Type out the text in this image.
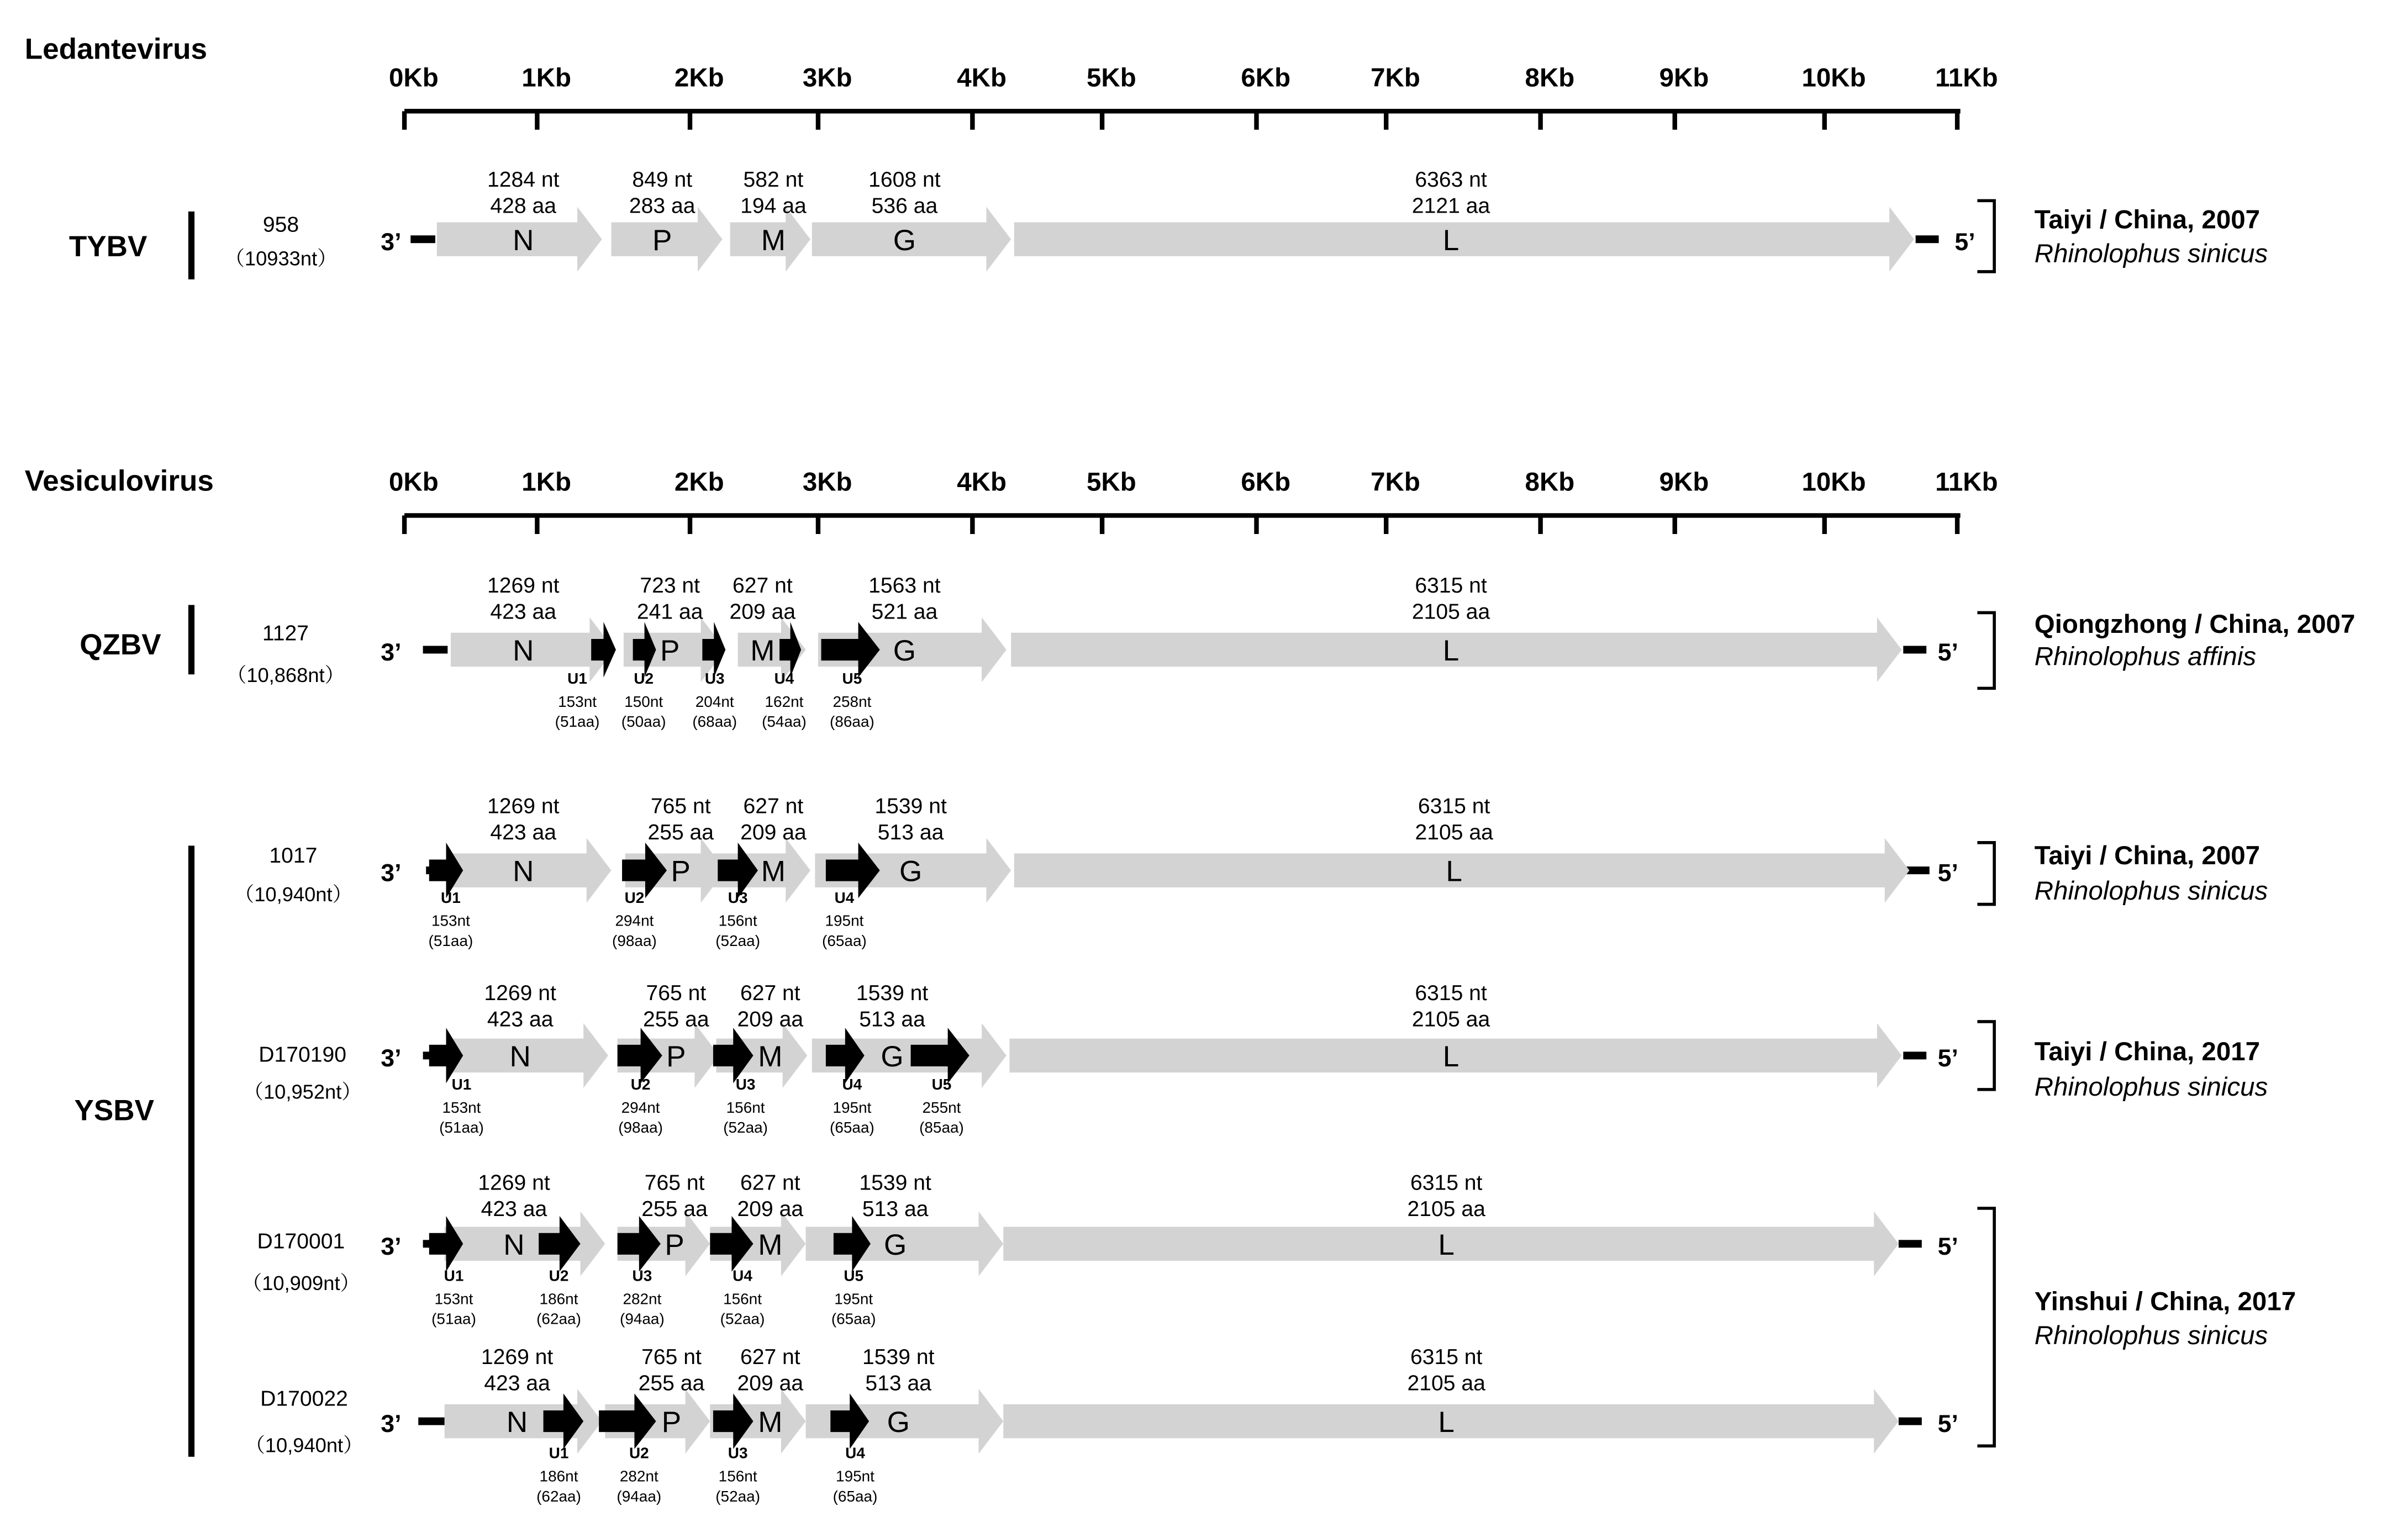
Ledantevirus
0Kb	1Kb	2Kb	3Kb	4Kb	5Kb	6Kb	7Kb	8Kb	9Kb	10Kb	11Kb
Vesiculovirus	0Kb	1Kb	2Kb	3Kb	4Kb	5Kb	6Kb	7Kb	8Kb	9Kb	10Kb	11Kb
3’	5’
N
1284 nt
428 aa
P
849 nt
283 aa
M
582 nt
194 aa
G
1608 nt
536 aa
L
6363 nt
2121 aa
3’	5’
N
1269 nt
423 aa
P
723 nt
241 aa
M
627 nt
209 aa
G
1563 nt
521 aa
L
6315 nt
2105 aa
U1
153nt
(51aa)
U2
150nt
(50aa)
U3
204nt
(68aa)
U4
162nt
(54aa)
U5
258nt
(86aa)
3’	5’
N
1269 nt
423 aa
P
765 nt
255 aa
M
627 nt
209 aa
G
1539 nt
513 aa
L
6315 nt
2105 aa
U1
153nt
(51aa)
U2
294nt
(98aa)
U3
156nt
(52aa)
U4
195nt
(65aa)
3’	5’
N
1269 nt
423 aa
P
765 nt
255 aa
M
627 nt
209 aa
G
1539 nt
513 aa
L
6315 nt
2105 aa
U1
153nt
(51aa)
U2
294nt
(98aa)
U3
156nt
(52aa)
U4
195nt
(65aa)
U5
255nt
(85aa)
3’	5’
N
1269 nt
423 aa
P
765 nt
255 aa
M
627 nt
209 aa
G
1539 nt
513 aa
L
6315 nt
2105 aa
U1
153nt
(51aa)
U2
186nt
(62aa)
U3
282nt
(94aa)
U4
156nt
(52aa)
U5
195nt
(65aa)
3’	5’
N
1269 nt
423 aa
P
765 nt
255 aa
M
627 nt
209 aa
G
1539 nt
513 aa
L
6315 nt
2105 aa
U1
186nt
(62aa)
U2
282nt
(94aa)
U3
156nt
(52aa)
U4
195nt
(65aa)
958
（10933nt）
1127
（10,868nt）
1017
（10,940nt）
D170190
（10,952nt）
D170001
（10,909nt）
D170022
（10,940nt）
TYBV
QZBV
YSBV
Taiyi / China, 2007
Rhinolophus sinicus
Qiongzhong / China, 2007
Rhinolophus affinis
Taiyi / China, 2007
Rhinolophus sinicus
Taiyi / China, 2017
Rhinolophus sinicus
Yinshui / China, 2017
Rhinolophus sinicus
